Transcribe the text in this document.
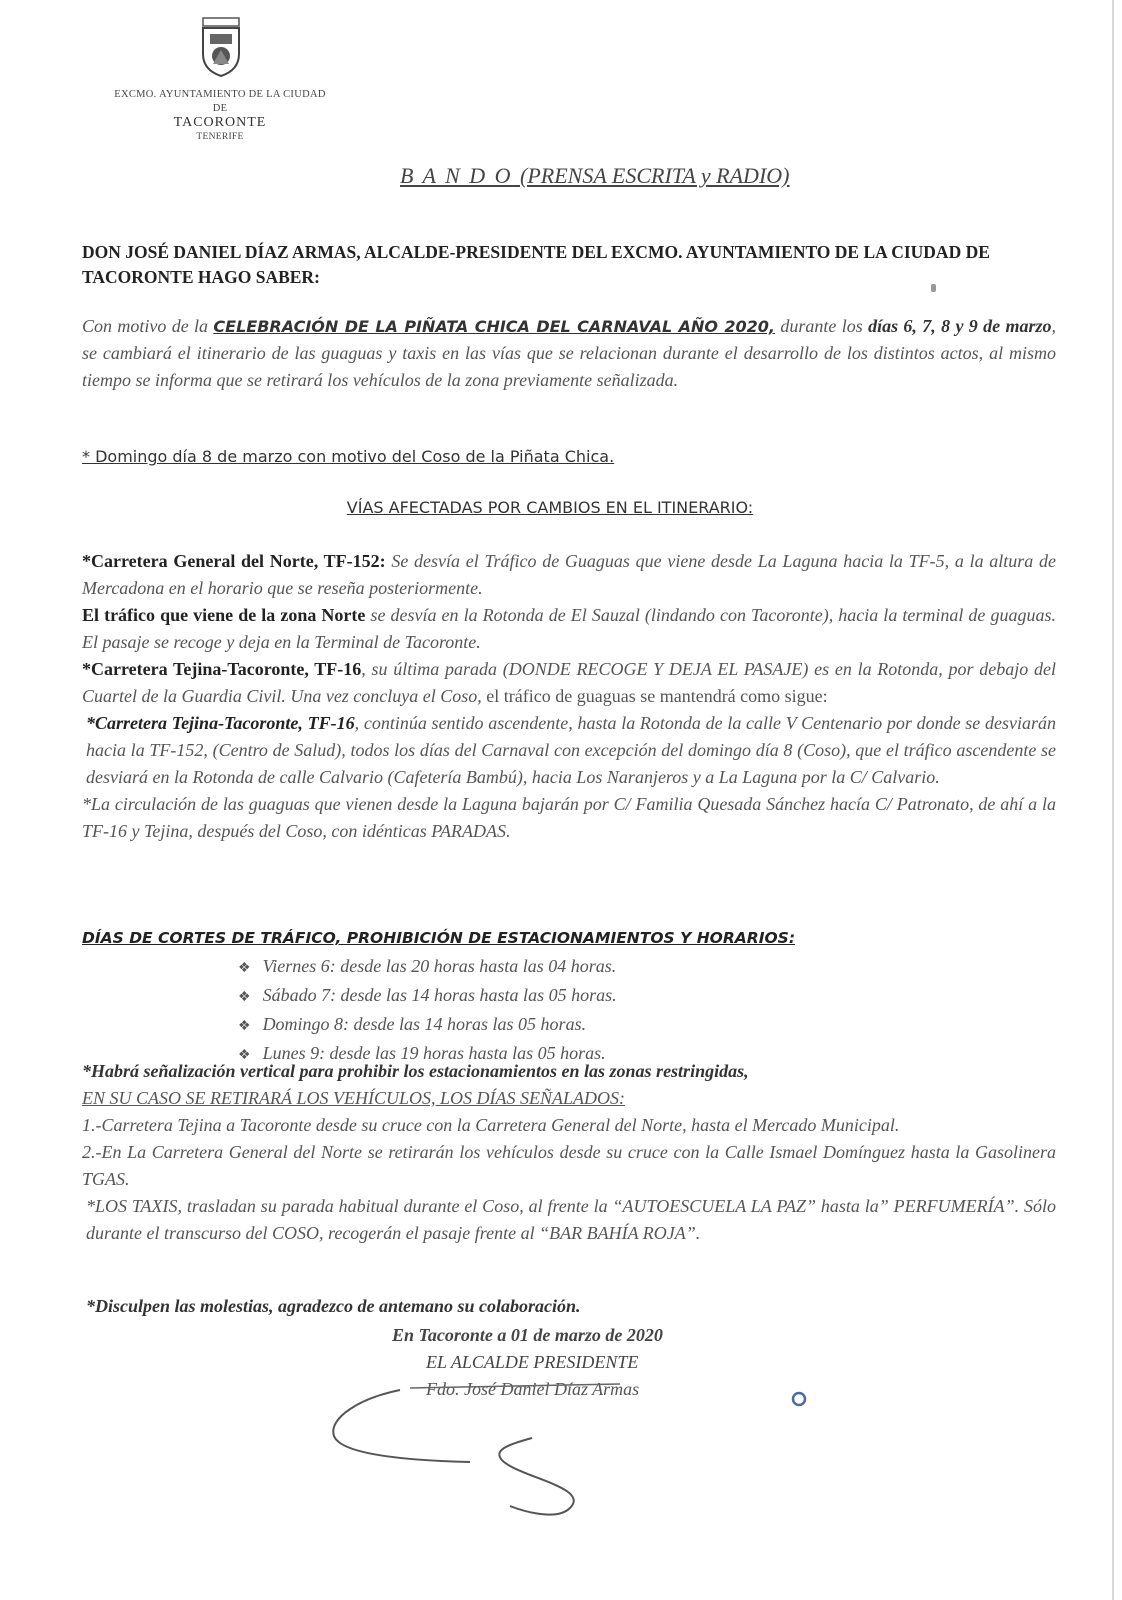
EXCMO. AYUNTAMIENTO DE LA CIUDAD
DE
TACORONTE
TENERIFE
B A N D O (PRENSA ESCRITA y RADIO)
DON JOSÉ DANIEL DÍAZ ARMAS, ALCALDE-PRESIDENTE DEL EXCMO. AYUNTAMIENTO DE LA CIUDAD DE TACORONTE HAGO SABER:
Con motivo de la CELEBRACIÓN DE LA PIÑATA CHICA DEL CARNAVAL AÑO 2020, durante los días 6, 7, 8 y 9 de marzo, se cambiará el itinerario de las guaguas y taxis en las vías que se relacionan durante el desarrollo de los distintos actos, al mismo tiempo se informa que se retirará los vehículos de la zona previamente señalizada.
* Domingo día 8 de marzo con motivo del Coso de la Piñata Chica.
VÍAS AFECTADAS POR CAMBIOS EN EL ITINERARIO:
*Carretera General del Norte, TF-152: Se desvía el Tráfico de Guaguas que viene desde La Laguna hacia la TF-5, a la altura de Mercadona en el horario que se reseña posteriormente.
El tráfico que viene de la zona Norte se desvía en la Rotonda de El Sauzal (lindando con Tacoronte), hacia la terminal de guaguas. El pasaje se recoge y deja en la Terminal de Tacoronte.
*Carretera Tejina-Tacoronte, TF-16, su última parada (DONDE RECOGE Y DEJA EL PASAJE) es en la Rotonda, por debajo del Cuartel de la Guardia Civil. Una vez concluya el Coso, el tráfico de guaguas se mantendrá como sigue:
*Carretera Tejina-Tacoronte, TF-16, continúa sentido ascendente, hasta la Rotonda de la calle V Centenario por donde se desviarán hacia la TF-152, (Centro de Salud), todos los días del Carnaval con excepción del domingo día 8 (Coso), que el tráfico ascendente se desviará en la Rotonda de calle Calvario (Cafetería Bambú), hacia Los Naranjeros y a La Laguna por la C/ Calvario.
*La circulación de las guaguas que vienen desde la Laguna bajarán por C/ Familia Quesada Sánchez hacía C/ Patronato, de ahí a la TF-16 y Tejina, después del Coso, con idénticas PARADAS.
DÍAS DE CORTES DE TRÁFICO, PROHIBICIÓN DE ESTACIONAMIENTOS Y HORARIOS:
❖ Viernes 6: desde las 20 horas hasta las 04 horas.
❖ Sábado 7: desde las 14 horas hasta las 05 horas.
❖ Domingo 8: desde las 14 horas las 05 horas.
❖ Lunes 9: desde las 19 horas hasta las 05 horas.
*Habrá señalización vertical para prohibir los estacionamientos en las zonas restringidas,
EN SU CASO SE RETIRARÁ LOS VEHÍCULOS, LOS DÍAS SEÑALADOS:
1.-Carretera Tejina a Tacoronte desde su cruce con la Carretera General del Norte, hasta el Mercado Municipal.
2.-En La Carretera General del Norte se retirarán los vehículos desde su cruce con la Calle Ismael Domínguez hasta la Gasolinera TGAS.
*LOS TAXIS, trasladan su parada habitual durante el Coso, al frente la “AUTOESCUELA LA PAZ” hasta la” PERFUMERÍA”. Sólo durante el transcurso del COSO, recogerán el pasaje frente al “BAR BAHÍA ROJA”.
*Disculpen las molestias, agradezco de antemano su colaboración.
En Tacoronte a 01 de marzo de 2020
EL ALCALDE PRESIDENTE
Fdo. José Daniel Díaz Armas
